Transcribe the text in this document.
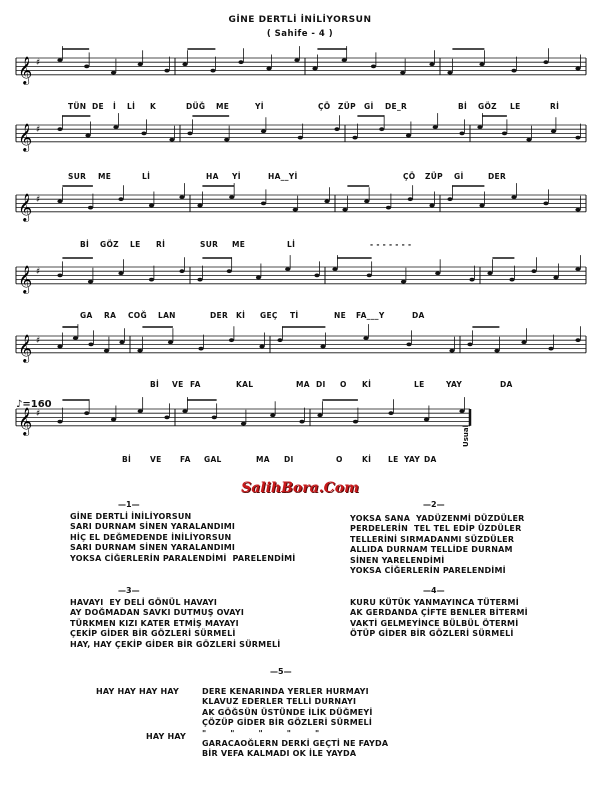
GİNE DERTLİ İNİLİYORSUN
( Sahife - 4 )
𝄞 ♯
𝄞 ♯
𝄞 ♯
𝄞 ♯
𝄞 ♯
𝄞 ♯
♪=160
Usual
TÜN DE İ Lİ K	DÜĞ ME	Yİ	ÇÖ ZÜP Gİ DE_R	Bİ GÖZ LE	Rİ
SUR ME	Lİ	HA Yİ	HA__Yİ	ÇÖ ZÜP Gİ	DER
Bİ GÖZ LE Rİ	SUR ME	Lİ	- - - - - - -
GA RA COĞ LAN	DER Kİ GEÇ Tİ	NE FA___Y	DA
Bİ VE FA	KAL	MA DI O Kİ	LE	YAY	DA
Bİ	VE FA GAL	MA DI	O	Kİ LE YAY DA
SalihBora.Com
—1—
GİNE DERTLİ İNİLİYORSUN
SARI DURNAM SİNEN YARALANDIMI
HİÇ EL DEĞMEDENDE İNİLİYORSUN
SARI DURNAM SİNEN YARALANDIMI
YOKSA CİĞERLERİN PARALENDİMİ  PARELENDİMİ
—2—
YOKSA SANA  YADÜZENMİ DÜZDÜLER
PERDELERİN  TEL TEL EDİP ÜZDÜLER
TELLERİNİ SIRMADANMI SÜZDÜLER
ALLIDA DURNAM TELLİDE DURNAM
SİNEN YARELENDİMİ
YOKSA CİĞERLERİN PARELENDİMİ
—3—
HAVAYI  EY DELİ GÖNÜL HAVAYI
AY DOĞMADAN SAVKI DUTMUŞ OVAYI
TÜRKMEN KIZI KATER ETMİŞ MAYAYI
ÇEKİP GİDER BİR GÖZLERİ SÜRMELİ
HAY, HAY ÇEKİP GİDER BİR GÖZLERİ SÜRMELİ
—4—
KURU KÜTÜK YANMAYINCA TÜTERMİ
AK GERDANDA ÇİFTE BENLER BİTERMİ
VAKTİ GELMEYİNCE BÜLBÜL ÖTERMİ
ÖTÜP GİDER BİR GÖZLERİ SÜRMELİ
—5—
HAY HAY HAY HAY
HAY HAY
DERE KENARINDA YERLER HURMAYI
KLAVUZ EDERLER TELLİ DURNAYI
AK GÖĞSÜN ÜSTÜNDE İLİK DÜĞMEYİ
ÇÖZÜP GİDER BİR GÖZLERİ SÜRMELİ
"        "        "        "        "
GARACAOĞLERN DERKİ GEÇTİ NE FAYDA
BİR VEFA KALMADI OK İLE YAYDA
